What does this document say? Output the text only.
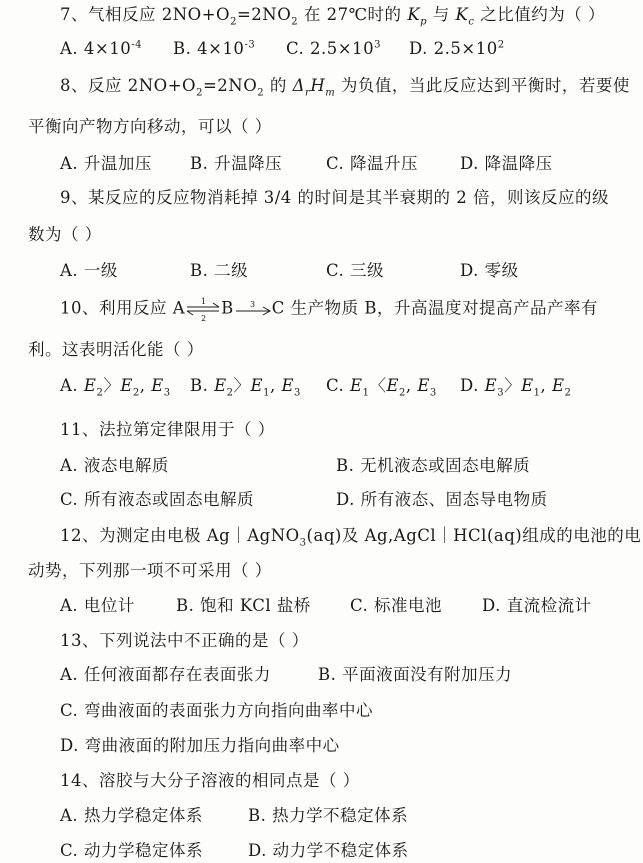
7、气相反应 $2NO+O_2=2NO_2$ 在 27℃时的 $K_p$ 与 $K_c$ 之比值约为（ ）
A. $4\times 10^{-4}$ B. $4\times 10^{-3}$ C. $2.5\times 10^3$ D. $2.5\times 10^2$
8、反应 $2NO+O_2=2NO_2$ 的 $\Delta_rH_m$ 为负值，当此反应达到平衡时，若要使
平衡向产物方向移动，可以（ ）
A. 升温加压 B. 升温降压	C. 降温升压	D. 降温降压
9、某反应的反应物消耗掉 3/4 的时间是其半衰期的 2 倍，则该反应的级
数为（ ）
A. 一级	B. 二级	C. 三级	D. 零级
10、利用反应 A 1
2
B 3 C 生产物质 B，升高温度对提高产品产率有
利。这表明活化能（ ）
A. $E_2$〉$E_2$, $E_3$ B. $E_2$〉$E_1$, $E_3$ C. $E_1$〈$E_2$, $E_3$ D. $E_3$〉$E_1$, $E_2$
11、法拉第定律限用于（ ）
A. 液态电解质	B. 无机液态或固态电解质
C. 所有液态或固态电解质	D. 所有液态、固态导电物质
12、为测定由电极 Ag｜AgNO$_3$(aq)及 Ag,AgCl｜HCl(aq)组成的电池的电
动势，下列那一项不可采用（ ）
A. 电位计 B. 饱和 KCl 盐桥 C. 标准电池 D. 直流检流计
13、下列说法中不正确的是（ ）
A. 任何液面都存在表面张力	B. 平面液面没有附加压力
C. 弯曲液面的表面张力方向指向曲率中心
D. 弯曲液面的附加压力指向曲率中心
14、溶胶与大分子溶液的相同点是（ ）
A. 热力学稳定体系	B. 热力学不稳定体系
C. 动力学稳定体系	D. 动力学不稳定体系
